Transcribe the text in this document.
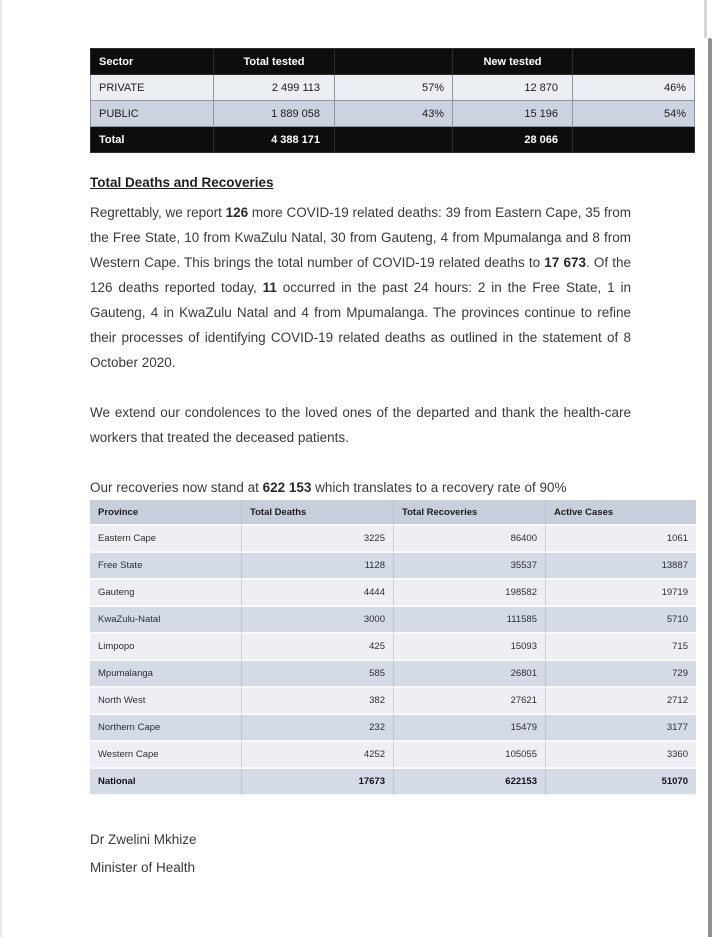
Sector	Total tested		New tested	
PRIVATE	2 499 113	57%	12 870	46%
PUBLIC	1 889 058	43%	15 196	54%
Total	4 388 171		28 066	
Total Deaths and Recoveries

Regrettably, we report 126 more COVID-19 related deaths: 39 from Eastern Cape, 35 from the Free State, 10 from KwaZulu Natal, 30 from Gauteng, 4 from Mpumalanga and 8 from Western Cape. This brings the total number of COVID-19 related deaths to 17 673. Of the 126 deaths reported today, 11 occurred in the past 24 hours: 2 in the Free State, 1 in Gauteng, 4 in KwaZulu Natal and 4 from Mpumalanga. The provinces continue to refine their processes of identifying COVID-19 related deaths as outlined in the statement of 8 October 2020.

We extend our condolences to the loved ones of the departed and thank the health-care workers that treated the deceased patients.

Our recoveries now stand at 622 153 which translates to a recovery rate of 90%

Province	Total Deaths	Total Recoveries	Active Cases
Eastern Cape	3225	86400	1061
Free State	1128	35537	13887
Gauteng	4444	198582	19719
KwaZulu-Natal	3000	111585	5710
Limpopo	425	15093	715
Mpumalanga	585	26801	729
North West	382	27621	2712
Northern Cape	232	15479	3177
Western Cape	4252	105055	3360
National	17673	622153	51070
Dr Zwelini Mkhize
Minister of Health
